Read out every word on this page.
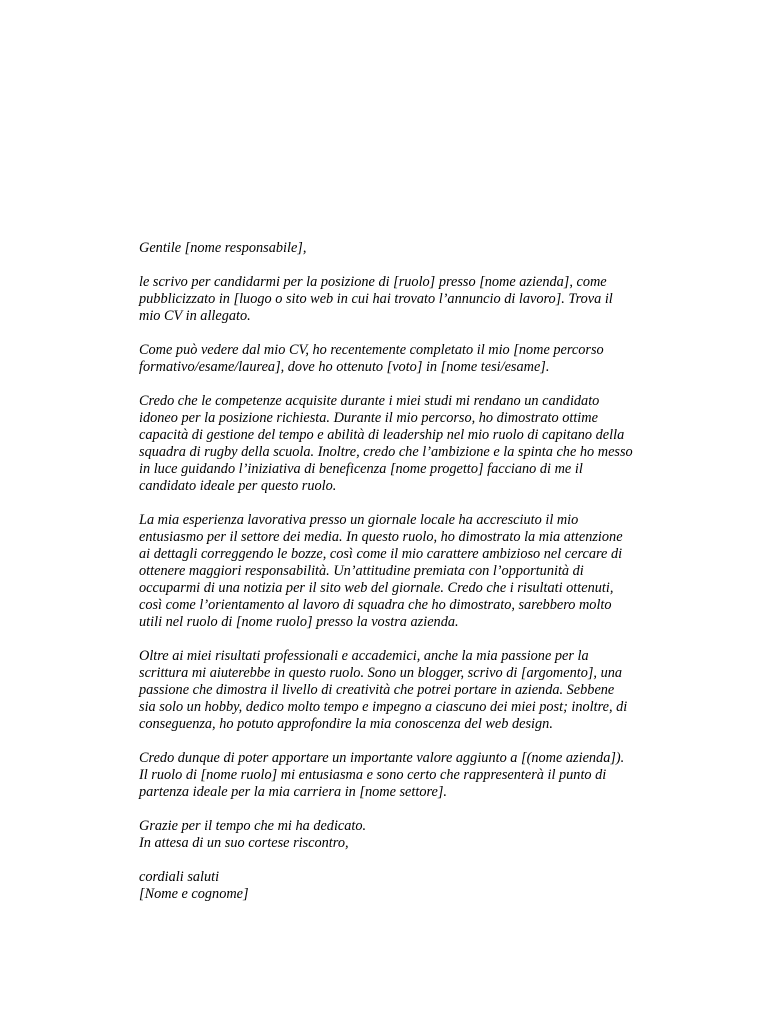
Gentile [nome responsabile],

le scrivo per candidarmi per la posizione di [ruolo] presso [nome azienda], come
pubblicizzato in [luogo o sito web in cui hai trovato l’annuncio di lavoro]. Trova il
mio CV in allegato.

Come può vedere dal mio CV, ho recentemente completato il mio [nome percorso
formativo/esame/laurea], dove ho ottenuto [voto] in [nome tesi/esame].

Credo che le competenze acquisite durante i miei studi mi rendano un candidato
idoneo per la posizione richiesta. Durante il mio percorso, ho dimostrato ottime
capacità di gestione del tempo e abilità di leadership nel mio ruolo di capitano della
squadra di rugby della scuola. Inoltre, credo che l’ambizione e la spinta che ho messo
in luce guidando l’iniziativa di beneficenza [nome progetto] facciano di me il
candidato ideale per questo ruolo.

La mia esperienza lavorativa presso un giornale locale ha accresciuto il mio
entusiasmo per il settore dei media. In questo ruolo, ho dimostrato la mia attenzione
ai dettagli correggendo le bozze, così come il mio carattere ambizioso nel cercare di
ottenere maggiori responsabilità. Un’attitudine premiata con l’opportunità di
occuparmi di una notizia per il sito web del giornale. Credo che i risultati ottenuti,
così come l’orientamento al lavoro di squadra che ho dimostrato, sarebbero molto
utili nel ruolo di [nome ruolo] presso la vostra azienda.

Oltre ai miei risultati professionali e accademici, anche la mia passione per la
scrittura mi aiuterebbe in questo ruolo. Sono un blogger, scrivo di [argomento], una
passione che dimostra il livello di creatività che potrei portare in azienda. Sebbene
sia solo un hobby, dedico molto tempo e impegno a ciascuno dei miei post; inoltre, di
conseguenza, ho potuto approfondire la mia conoscenza del web design.

Credo dunque di poter apportare un importante valore aggiunto a [(nome azienda]).
Il ruolo di [nome ruolo] mi entusiasma e sono certo che rappresenterà il punto di
partenza ideale per la mia carriera in [nome settore].

Grazie per il tempo che mi ha dedicato.
In attesa di un suo cortese riscontro,

cordiali saluti

[Nome e cognome]
